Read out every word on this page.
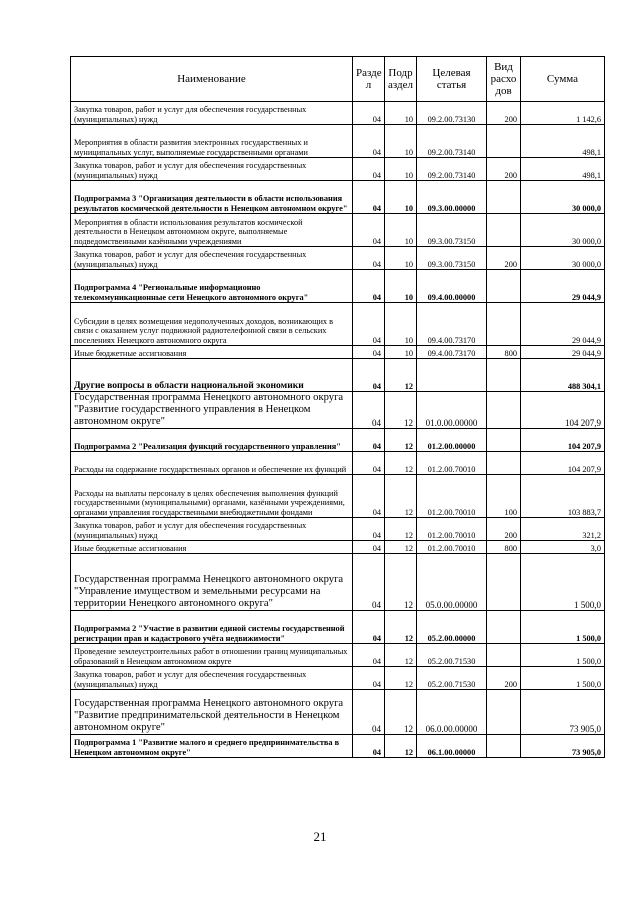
Наименование	Разде л	Подр аздел	Целевая статья	Вид расхо дов	Сумма
Закупка товаров, работ и услуг для обеспечения государственных (муниципальных) нужд	04	10	09.2.00.73130	200	1 142,6
Мероприятия в области развития электронных государственных и муниципальных услуг, выполняемые государственными органами	04	10	09.2.00.73140		498,1
Закупка товаров, работ и услуг для обеспечения государственных (муниципальных) нужд	04	10	09.2.00.73140	200	498,1
Подпрограмма 3 "Организация деятельности в области использования результатов космической деятельности в Ненецком автономном округе"	04	10	09.3.00.00000		30 000,0
Мероприятия в области использования результатов космической деятельности в Ненецком автономном округе, выполняемые подведомственными казёнными учреждениями	04	10	09.3.00.73150		30 000,0
Закупка товаров, работ и услуг для обеспечения государственных (муниципальных) нужд	04	10	09.3.00.73150	200	30 000,0
Подпрограмма 4 "Региональные информационно телекоммуникационные сети Ненецкого автономного округа"	04	10	09.4.00.00000		29 044,9
Субсидии в целях возмещения недополученных доходов, возникающих в связи с оказанием услуг подвижной радиотелефонной связи в сельских поселениях Ненецкого автономного округа	04	10	09.4.00.73170		29 044,9
Иные бюджетные ассигнования	04	10	09.4.00.73170	800	29 044,9
Другие вопросы в области национальной экономики	04	12			488 304,1
Государственная программа Ненецкого автономного округа "Развитие государственного управления в Ненецком автономном округе"	04	12	01.0.00.00000		104 207,9
Подпрограмма 2 "Реализация функций государственного управления"	04	12	01.2.00.00000		104 207,9
Расходы на содержание государственных органов и обеспечение их функций	04	12	01.2.00.70010		104 207,9
Расходы на выплаты персоналу в целях обеспечения выполнения функций государственными (муниципальными) органами, казёнными учреждениями, органами управления государственными внебюджетными фондами	04	12	01.2.00.70010	100	103 883,7
Закупка товаров, работ и услуг для обеспечения государственных (муниципальных) нужд	04	12	01.2.00.70010	200	321,2
Иные бюджетные ассигнования	04	12	01.2.00.70010	800	3,0
Государственная программа Ненецкого автономного округа "Управление имуществом и земельными ресурсами на территории Ненецкого автономного округа"	04	12	05.0.00.00000		1 500,0
Подпрограмма 2 "Участие в развитии единой системы государственной регистрации прав и кадастрового учёта недвижимости"	04	12	05.2.00.00000		1 500,0
Проведение землеустроительных работ в отношении границ муниципальных образований в Ненецком автономном округе	04	12	05.2.00.71530		1 500,0
Закупка товаров, работ и услуг для обеспечения государственных (муниципальных) нужд	04	12	05.2.00.71530	200	1 500,0
Государственная программа Ненецкого автономного округа "Развитие предпринимательской деятельности в Ненецком автономном округе"	04	12	06.0.00.00000		73 905,0
Подпрограмма 1 "Развитие малого и среднего предпринимательства в Ненецком автономном округе"	04	12	06.1.00.00000		73 905,0
21
